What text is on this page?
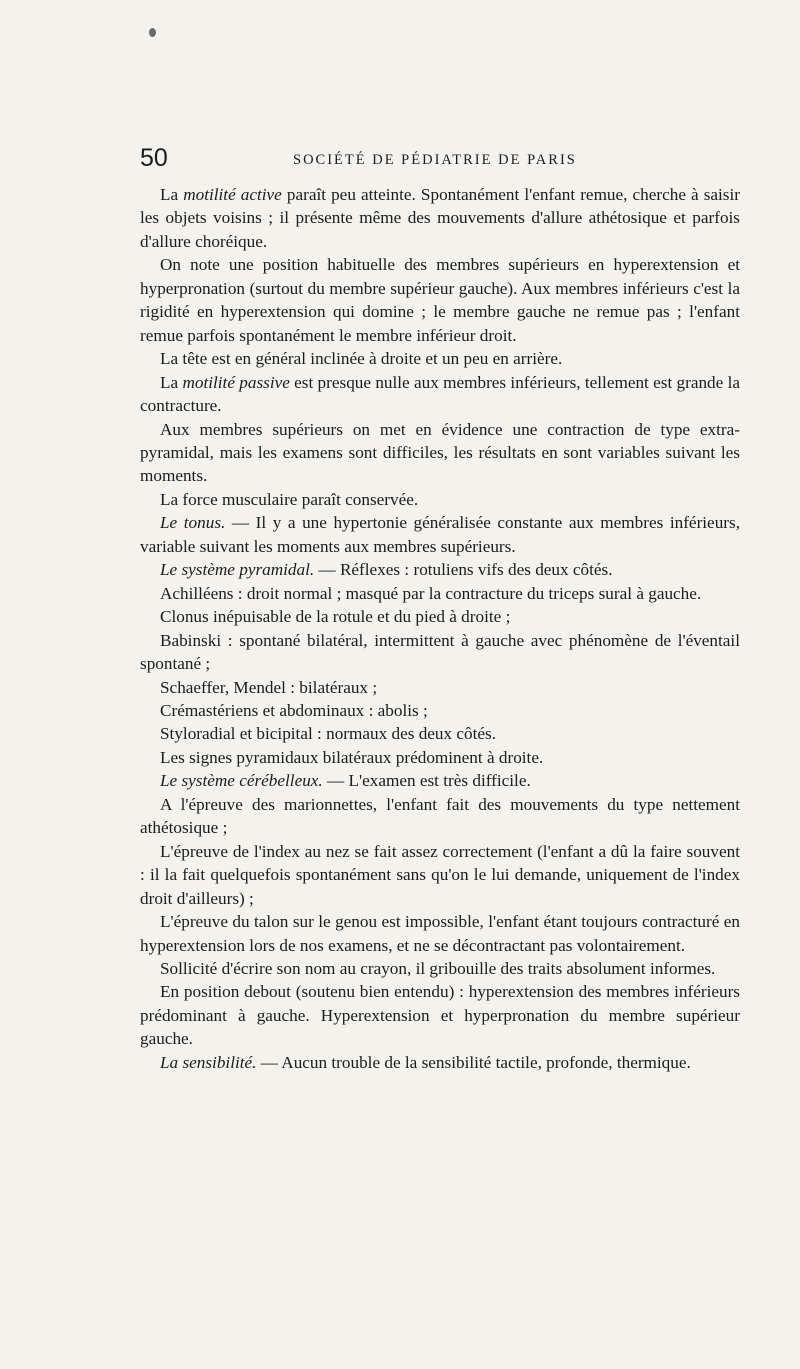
50	SOCIÉTÉ DE PÉDIATRIE DE PARIS

La motilité active paraît peu atteinte. Spontanément l'enfant remue, cherche à saisir les objets voisins ; il présente même des mouvements d'allure athétosique et parfois d'allure choréique.

On note une position habituelle des membres supérieurs en hyperextension et hyperpronation (surtout du membre supérieur gauche). Aux membres inférieurs c'est la rigidité en hyperextension qui domine ; le membre gauche ne remue pas ; l'enfant remue parfois spontanément le membre inférieur droit.

La tête est en général inclinée à droite et un peu en arrière.

La motilité passive est presque nulle aux membres inférieurs, tellement est grande la contracture.

Aux membres supérieurs on met en évidence une contraction de type extra-pyramidal, mais les examens sont difficiles, les résultats en sont variables suivant les moments.

La force musculaire paraît conservée.

Le tonus. — Il y a une hypertonie généralisée constante aux membres inférieurs, variable suivant les moments aux membres supérieurs.

Le système pyramidal. — Réflexes : rotuliens vifs des deux côtés.

Achilléens : droit normal ; masqué par la contracture du triceps sural à gauche.

Clonus inépuisable de la rotule et du pied à droite ;

Babinski : spontané bilatéral, intermittent à gauche avec phénomène de l'éventail spontané ;

Schaeffer, Mendel : bilatéraux ;

Crémastériens et abdominaux : abolis ;

Styloradial et bicipital : normaux des deux côtés.

Les signes pyramidaux bilatéraux prédominent à droite.

Le système cérébelleux. — L'examen est très difficile.

A l'épreuve des marionnettes, l'enfant fait des mouvements du type nettement athétosique ;

L'épreuve de l'index au nez se fait assez correctement (l'enfant a dû la faire souvent : il la fait quelquefois spontanément sans qu'on le lui demande, uniquement de l'index droit d'ailleurs) ;

L'épreuve du talon sur le genou est impossible, l'enfant étant toujours contracturé en hyperextension lors de nos examens, et ne se décontractant pas volontairement.

Sollicité d'écrire son nom au crayon, il gribouille des traits absolument informes.

En position debout (soutenu bien entendu) : hyperextension des membres inférieurs prédominant à gauche. Hyperextension et hyperpronation du membre supérieur gauche.

La sensibilité. — Aucun trouble de la sensibilité tactile, profonde, thermique.
